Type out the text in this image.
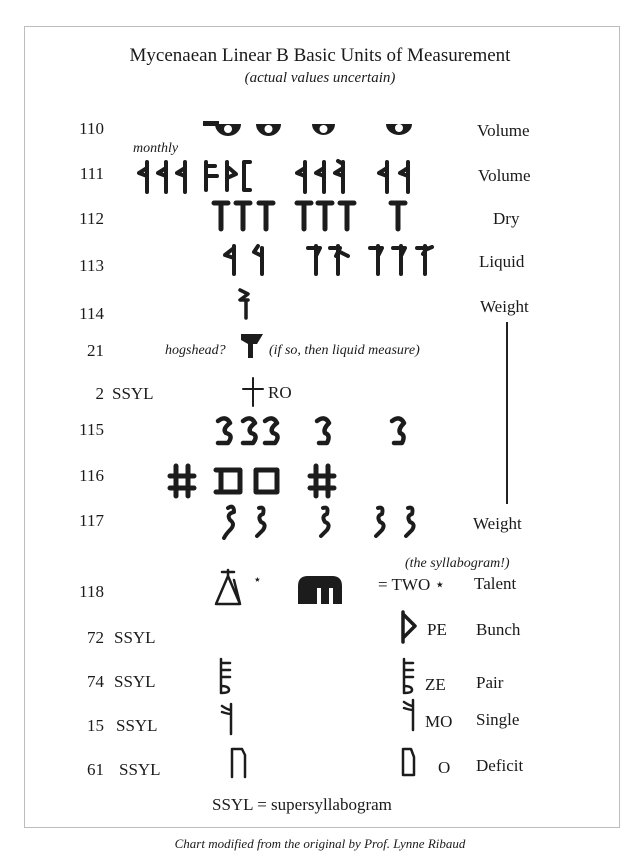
Mycenaean Linear B Basic Units of Measurement
(actual values uncertain)
110
111
112
113
114
21
2
115
116
117
118
72
74
15
61
SSYL
SSYL
SSYL
SSYL
SSYL
Volume
Volume
Dry
Liquid
Weight
Weight
Talent
Bunch
Pair
Single
Deficit
monthly
hogshead?	(if so, then liquid measure)
(the syllabogram!)
RO
= TWO ⋆
⋆
PE
ZE
MO
O
SSYL = supersyllabogram
Chart modified from the original by Prof. Lynne Ribaud
